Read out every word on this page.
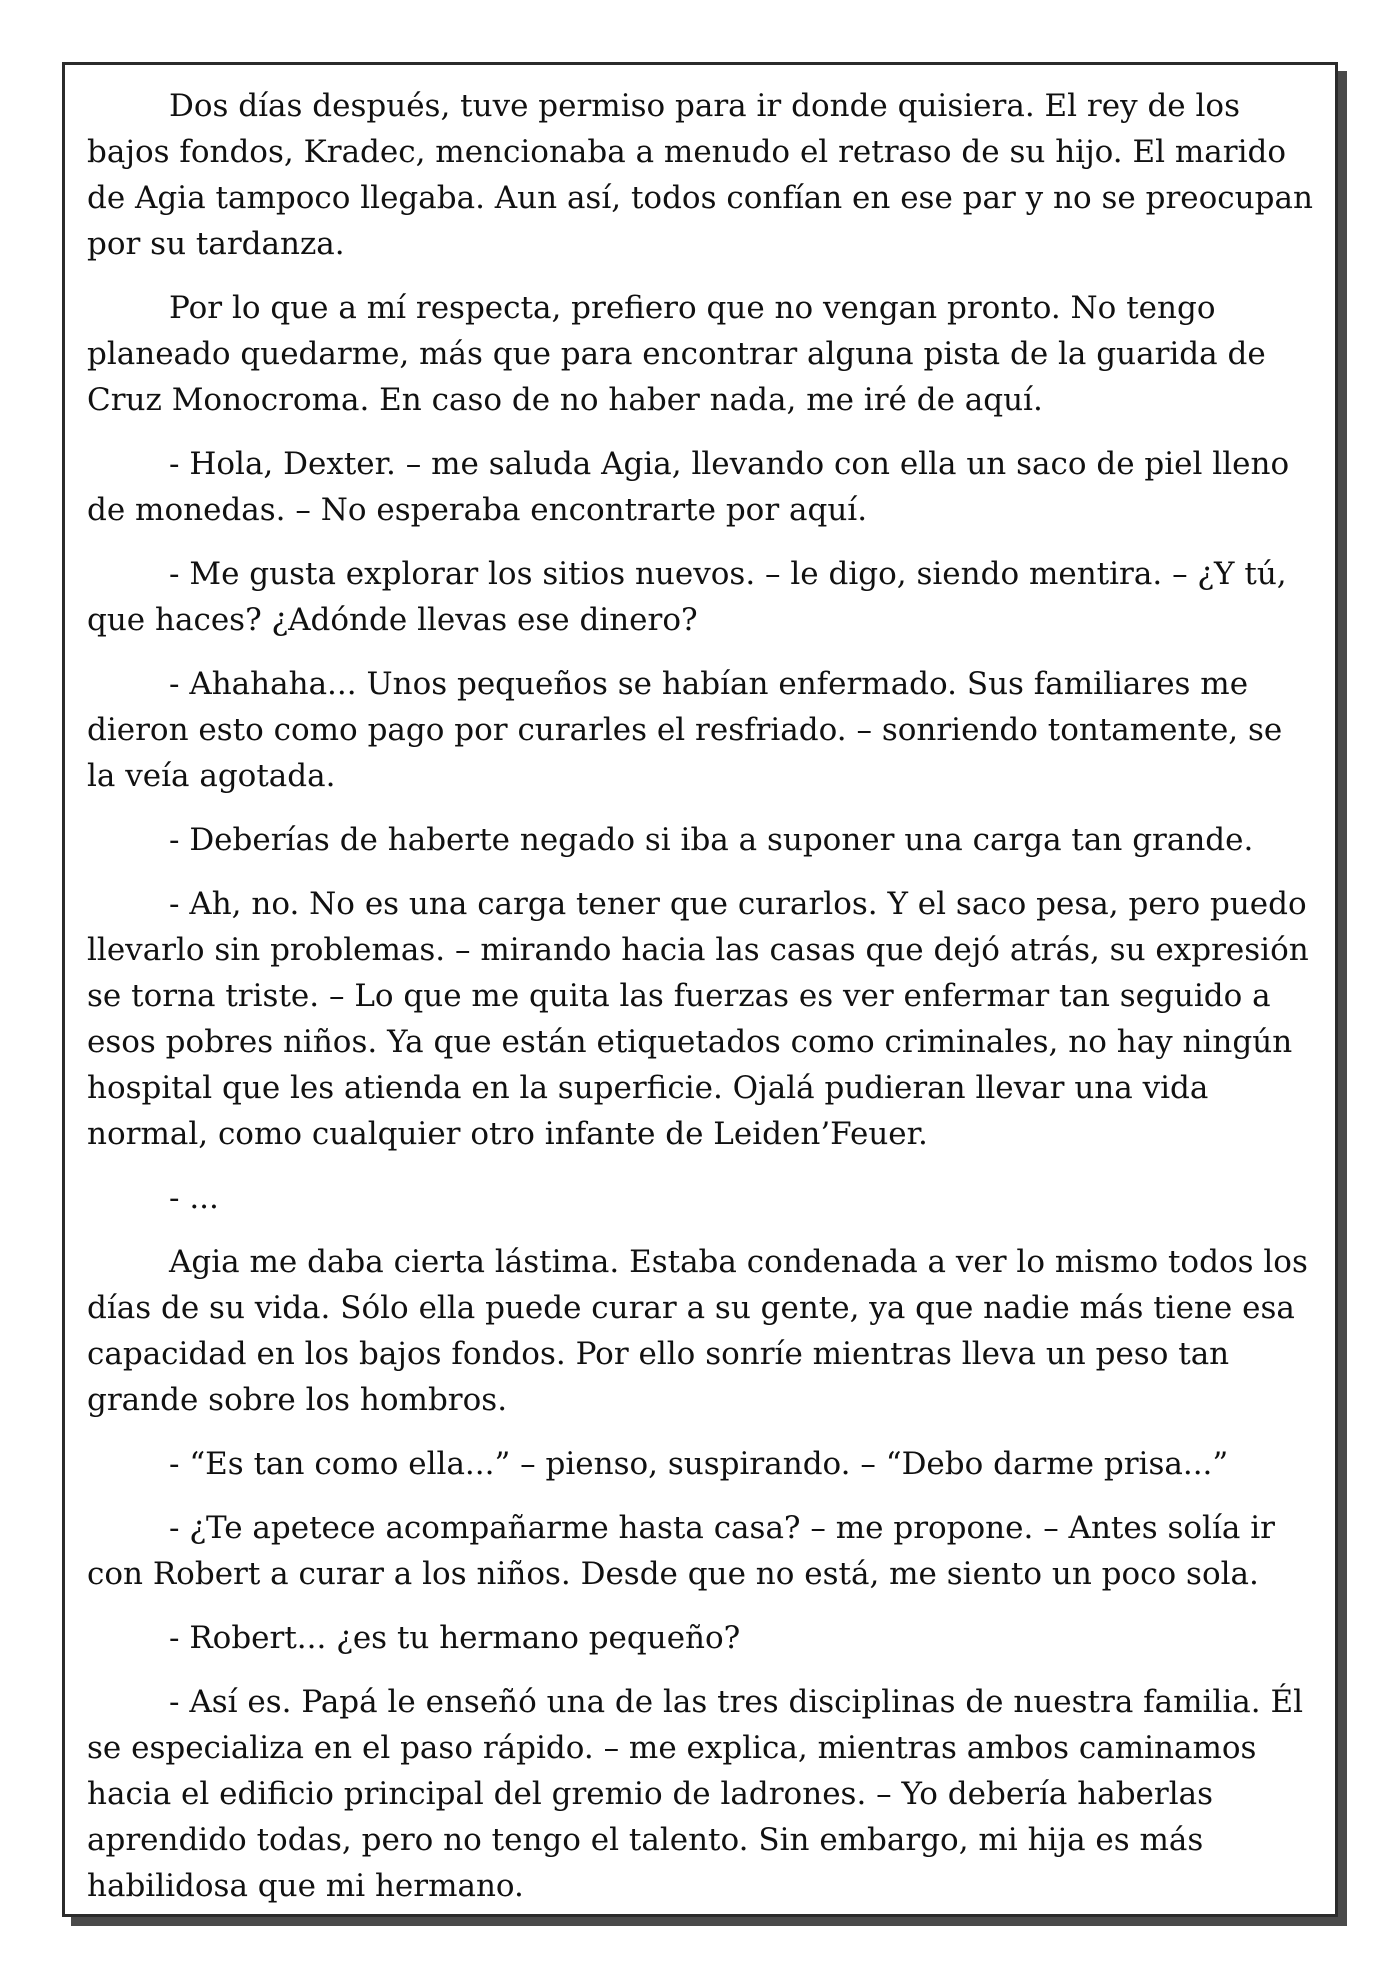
Dos días después, tuve permiso para ir donde quisiera. El rey de los bajos fondos, Kradec, mencionaba a menudo el retraso de su hijo. El marido de Agia tampoco llegaba. Aun así, todos confían en ese par y no se preocupan por su tardanza.

Por lo que a mí respecta, prefiero que no vengan pronto. No tengo planeado quedarme, más que para encontrar alguna pista de la guarida de Cruz Monocroma. En caso de no haber nada, me iré de aquí.

- Hola, Dexter. – me saluda Agia, llevando con ella un saco de piel lleno de monedas. – No esperaba encontrarte por aquí.

- Me gusta explorar los sitios nuevos. – le digo, siendo mentira. – ¿Y tú, que haces? ¿Adónde llevas ese dinero?

- Ahahaha... Unos pequeños se habían enfermado. Sus familiares me dieron esto como pago por curarles el resfriado. – sonriendo tontamente, se la veía agotada.

- Deberías de haberte negado si iba a suponer una carga tan grande.

- Ah, no. No es una carga tener que curarlos. Y el saco pesa, pero puedo llevarlo sin problemas. – mirando hacia las casas que dejó atrás, su expresión se torna triste. – Lo que me quita las fuerzas es ver enfermar tan seguido a esos pobres niños. Ya que están etiquetados como criminales, no hay ningún hospital que les atienda en la superficie. Ojalá pudieran llevar una vida normal, como cualquier otro infante de Leiden’Feuer.

- ...

Agia me daba cierta lástima. Estaba condenada a ver lo mismo todos los días de su vida. Sólo ella puede curar a su gente, ya que nadie más tiene esa capacidad en los bajos fondos. Por ello sonríe mientras lleva un peso tan grande sobre los hombros.

- “Es tan como ella...” – pienso, suspirando. – “Debo darme prisa...”

- ¿Te apetece acompañarme hasta casa? – me propone. – Antes solía ir con Robert a curar a los niños. Desde que no está, me siento un poco sola.

- Robert... ¿es tu hermano pequeño?

- Así es. Papá le enseñó una de las tres disciplinas de nuestra familia. Él se especializa en el paso rápido. – me explica, mientras ambos caminamos hacia el edificio principal del gremio de ladrones. – Yo debería haberlas aprendido todas, pero no tengo el talento. Sin embargo, mi hija es más habilidosa que mi hermano.
